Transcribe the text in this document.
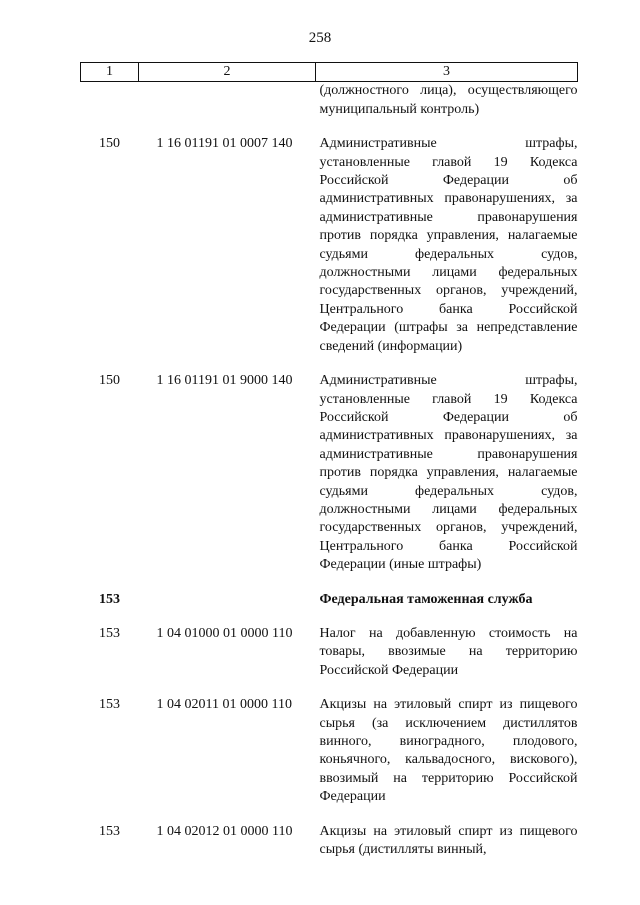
258
1	2	3
		(должностного лица), осуществляющего муниципальный контроль)
150	1 16 01191 01 0007 140	Административные штрафы, установленные главой 19 Кодекса Российской Федерации об административных правонарушениях, за административные правонарушения против порядка управления, налагаемые судьями федеральных судов, должностными лицами федеральных государственных органов, учреждений, Центрального банка Российской Федерации (штрафы за непредставление сведений (информации)
150	1 16 01191 01 9000 140	Административные штрафы, установленные главой 19 Кодекса Российской Федерации об административных правонарушениях, за административные правонарушения против порядка управления, налагаемые судьями федеральных судов, должностными лицами федеральных государственных органов, учреждений, Центрального банка Российской Федерации (иные штрафы)
153		Федеральная таможенная служба
153	1 04 01000 01 0000 110	Налог на добавленную стоимость на товары, ввозимые на территорию Российской Федерации
153	1 04 02011 01 0000 110	Акцизы на этиловый спирт из пищевого сырья (за исключением дистиллятов винного, виноградного, плодового, коньячного, кальвадосного, вискового), ввозимый на территорию Российской Федерации
153	1 04 02012 01 0000 110	Акцизы на этиловый спирт из пищевого сырья (дистилляты винный,
